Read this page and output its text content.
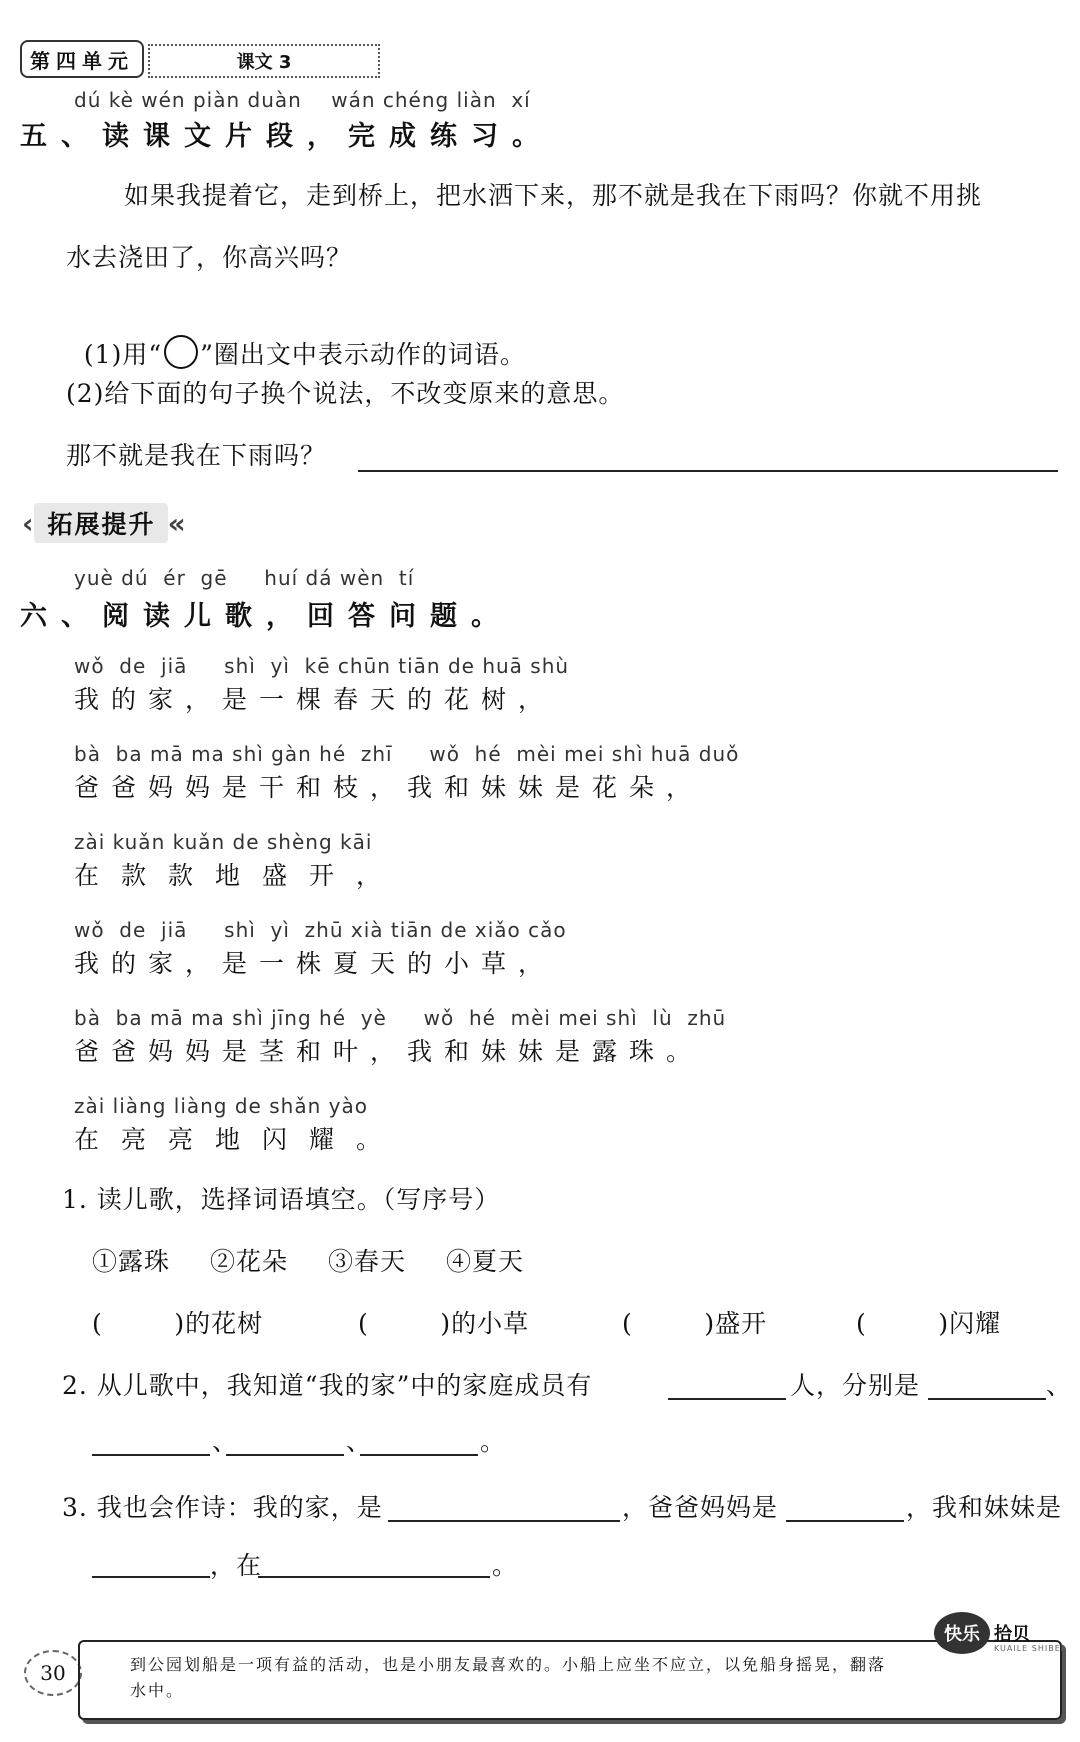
第四单元	课文 3
dú kè wén piàn duàn    wán chéng liàn  xí
五、读课文片段，完成练习。
如果我提着它，走到桥上，把水洒下来，那不就是我在下雨吗？你就不用挑
水去浇田了，你高兴吗？

(1)用“ ”圈出文中表示动作的词语。

(2)给下面的句子换个说法，不改变原来的意思。
那不就是我在下雨吗？
‹ 拓展提升 «
yuè dú  ér  gē     huí dá wèn  tí
六、阅读儿歌，回答问题。
wǒ  de  jiā     shì  yì  kē chūn tiān de huā shù
我的家，是一棵春天的花树，
bà  ba mā ma shì gàn hé  zhī     wǒ  hé  mèi mei shì huā duǒ
爸爸妈妈是干和枝，我和妹妹是花朵，
zài kuǎn kuǎn de shèng kāi
在款款地盛开，
wǒ  de  jiā     shì  yì  zhū xià tiān de xiǎo cǎo
我的家，是一株夏天的小草，
bà  ba mā ma shì jīng hé  yè     wǒ  hé  mèi mei shì  lù  zhū
爸爸妈妈是茎和叶，我和妹妹是露珠。
zài liàng liàng de shǎn yào
在亮亮地闪耀。
1. 读儿歌，选择词语填空。（写序号）
①露珠 ②花朵 ③春天 ④夏天
(        )的花树	(        )的小草	(        )盛开	(        )闪耀
2. 从儿歌中，我知道“我的家”中的家庭成员有	人，分别是	、
、	、	。
3. 我也会作诗：我的家，是	，爸爸妈妈是	，我和妹妹是
，在	。
30	到公园划船是一项有益的活动，也是小朋友最喜欢的。小船上应坐不应立，以免船身摇晃，翻落水中。
快乐 拾贝
KUAILE SHIBEI
